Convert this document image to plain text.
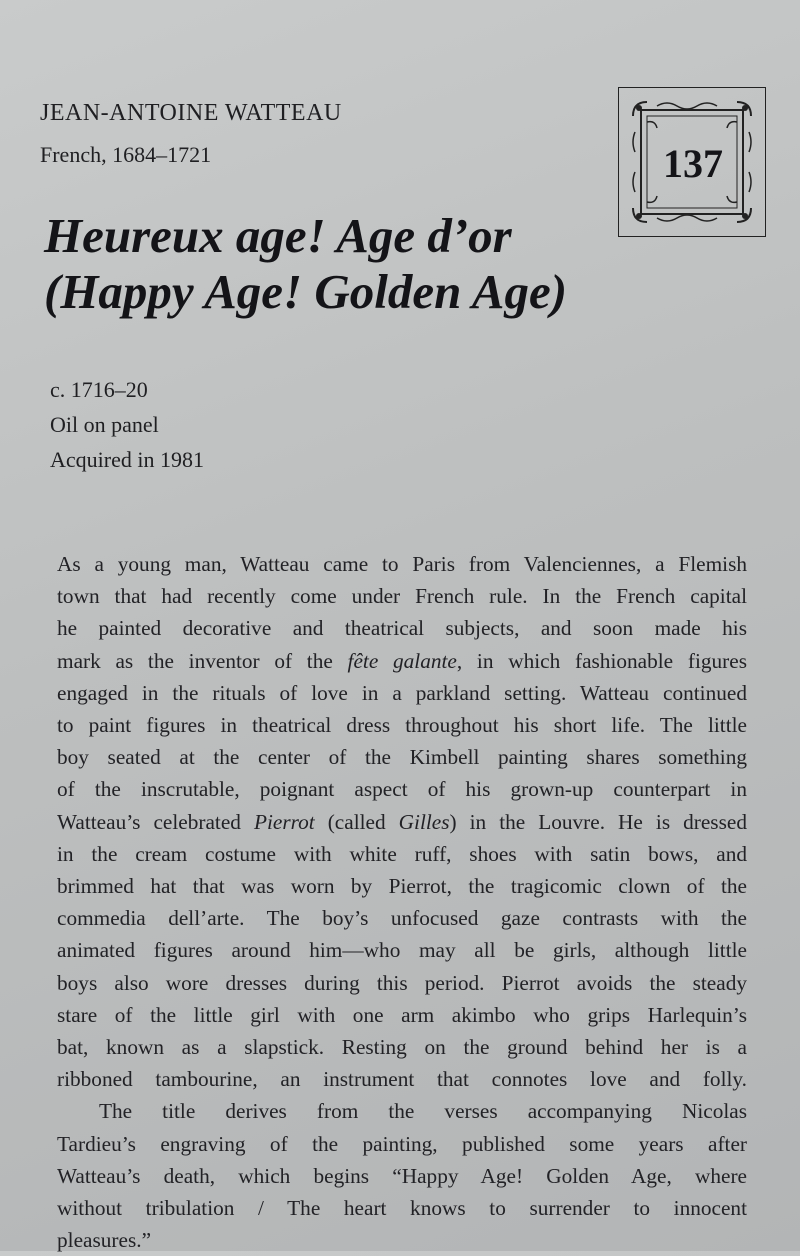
JEAN-ANTOINE WATTEAU
French, 1684–1721	137
Heureux age! Age d’or
(Happy Age! Golden Age)
c. 1716–20
Oil on panel
Acquired in 1981
As a young man, Watteau came to Paris from Valenciennes, a Flemish
town that had recently come under French rule. In the French capital
he painted decorative and theatrical subjects, and soon made his
mark as the inventor of the fête galante, in which fashionable figures
engaged in the rituals of love in a parkland setting. Watteau continued
to paint figures in theatrical dress throughout his short life. The little
boy seated at the center of the Kimbell painting shares something
of the inscrutable, poignant aspect of his grown-up counterpart in
Watteau’s celebrated Pierrot (called Gilles) in the Louvre. He is dressed
in the cream costume with white ruff, shoes with satin bows, and
brimmed hat that was worn by Pierrot, the tragicomic clown of the
commedia dell’arte. The boy’s unfocused gaze contrasts with the
animated figures around him—who may all be girls, although little
boys also wore dresses during this period. Pierrot avoids the steady
stare of the little girl with one arm akimbo who grips Harlequin’s
bat, known as a slapstick. Resting on the ground behind her is a
ribboned tambourine, an instrument that connotes love and folly.
The title derives from the verses accompanying Nicolas
Tardieu’s engraving of the painting, published some years after
Watteau’s death, which begins “Happy Age! Golden Age, where
without tribulation / The heart knows to surrender to innocent
pleasures.”
